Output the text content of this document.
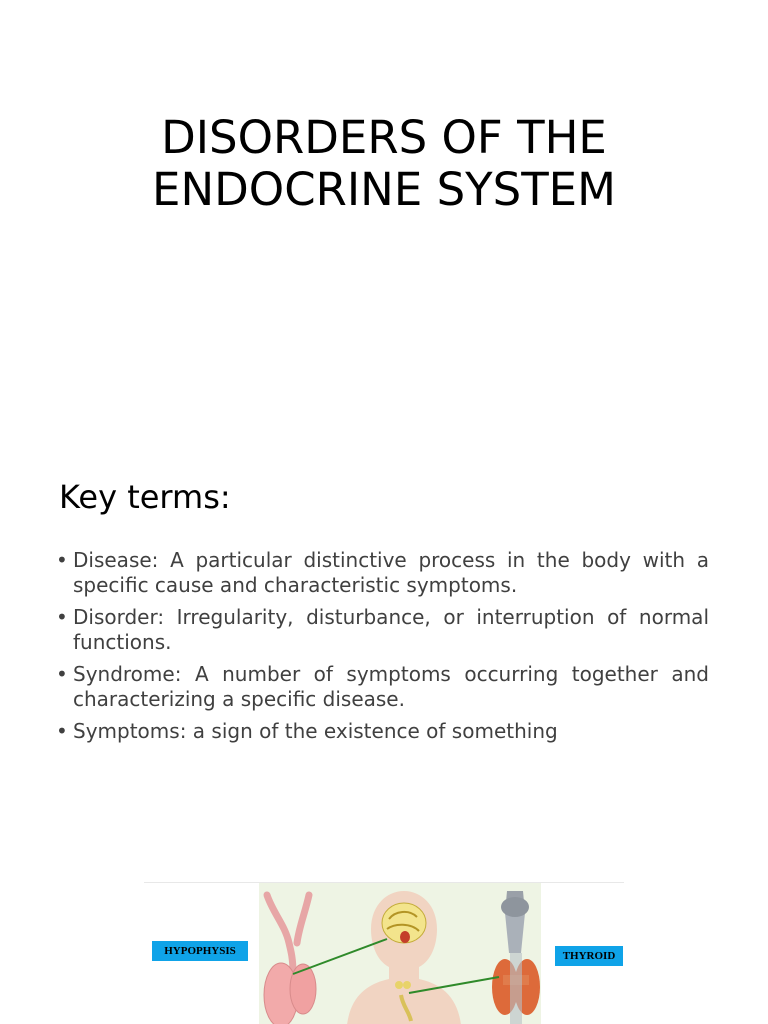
DISORDERS OF THE
ENDOCRINE SYSTEM
Key terms:
• Disease: A particular distinctive process in the body with a specific cause and characteristic symptoms.
• Disorder: Irregularity, disturbance, or interruption of normal functions.
• Syndrome: A number of symptoms occurring together and characterizing a specific disease.
• Symptoms: a sign of the existence of something
HYPOPHYSIS	THYROID
